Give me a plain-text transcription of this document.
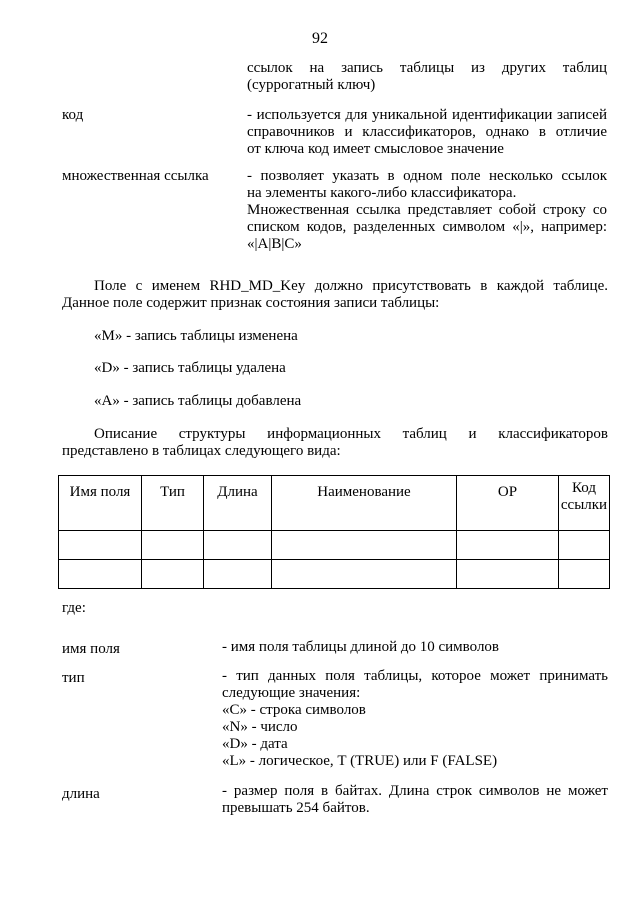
92
ссылок на запись таблицы из других таблиц
(суррогатный ключ)
код	- используется для уникальной идентификации записей
справочников и классификаторов, однако в отличие
от ключа код имеет смысловое значение
множественная ссылка	- позволяет указать в одном поле несколько ссылок
на элементы какого-либо классификатора.
Множественная ссылка представляет собой строку со
списком кодов, разделенных символом «|», например:
«|A|B|C»
Поле с именем RHD_MD_Key должно присутствовать в каждой таблице.
Данное поле содержит признак состояния записи таблицы:
«M» - запись таблицы изменена
«D» - запись таблицы удалена
«A» - запись таблицы добавлена
Описание структуры информационных таблиц и классификаторов
представлено в таблицах следующего вида:
Имя поля	Тип	Длина	Наименование	ОР	Код
ссылки

где:
имя поля	- имя поля таблицы длиной до 10 символов
тип	- тип данных поля таблицы, которое может принимать
следующие значения:
«C» - строка символов
«N» - число
«D» - дата
«L» - логическое, T (TRUE) или F (FALSE)
длина	- размер поля в байтах. Длина строк символов не может
превышать 254 байтов.
